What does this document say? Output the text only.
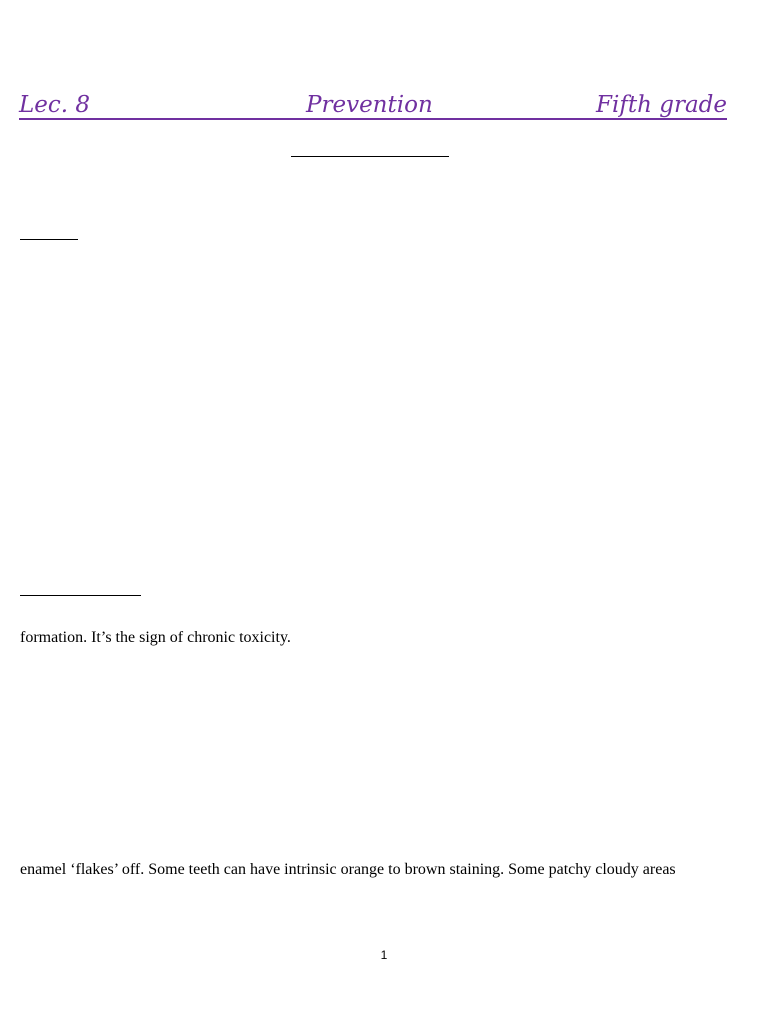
Lec. 8	Prevention	Fifth grade
formation. It’s the sign of chronic toxicity.
enamel ‘flakes’ off. Some teeth can have intrinsic orange to brown staining. Some patchy cloudy areas
1
